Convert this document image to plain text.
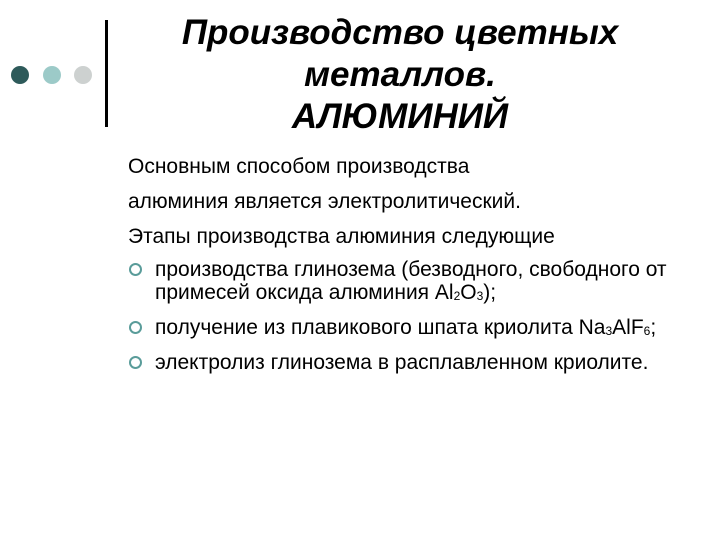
Производство цветных
металлов.
АЛЮМИНИЙ

Основным способом производства

алюминия является электролитический.

Этапы производства алюминия следующие

производства глинозема (безводного, свободного от примесей оксида алюминия $Al_2O_3$);
получение из плавикового шпата криолита $Na_3AlF_6$;
электролиз глинозема в расплавленном криолите.
